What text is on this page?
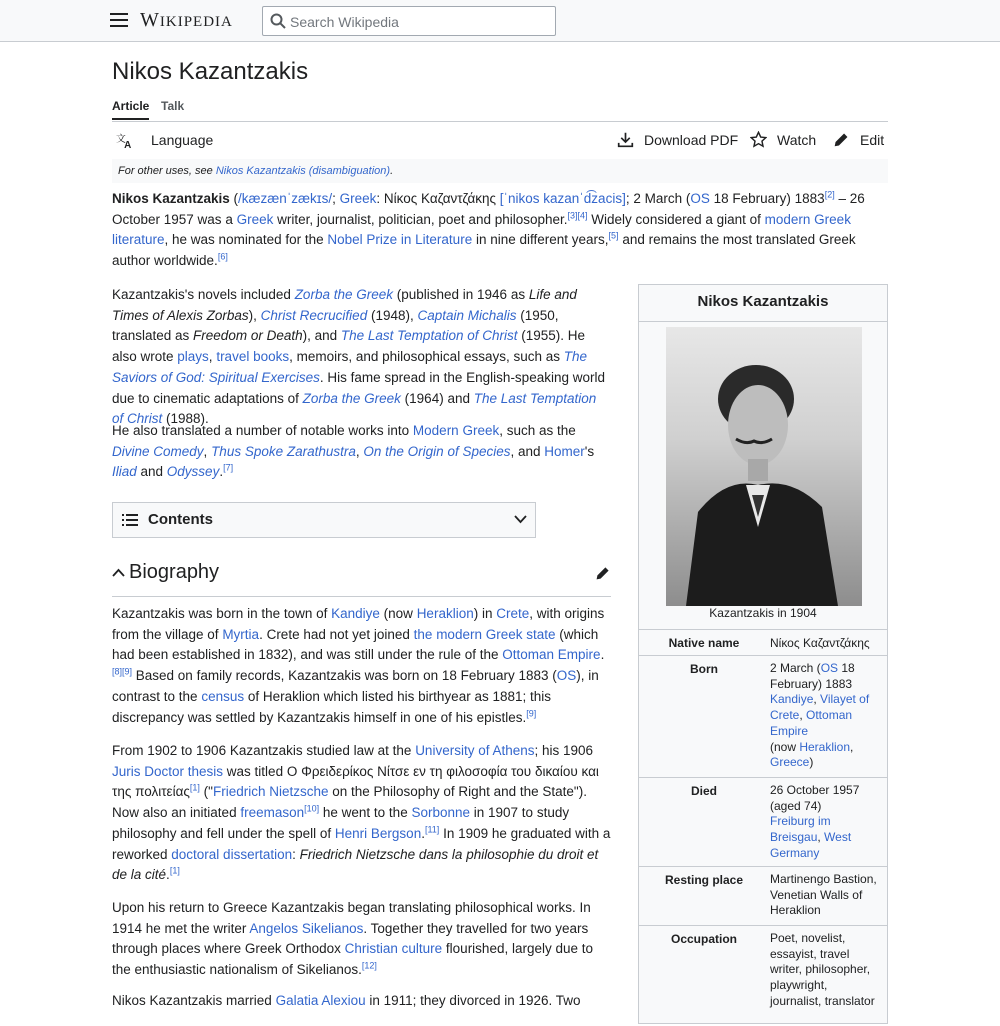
WIKIPEDIA	Search Wikipedia
Nikos Kazantzakis
Article Talk
文
A Language	Download PDF	Watch	Edit
For other uses, see Nikos Kazantzakis (disambiguation).
Nikos Kazantzakis (/kæzænˈzækɪs/; Greek: Νίκος Καζαντζάκης [ˈnikos kazanˈd͡zacis]; 2 March (OS 18 February) 1883[2] – 26 October 1957 was a Greek writer, journalist, politician, poet and philosopher.[3][4] Widely considered a giant of modern Greek literature, he was nominated for the Nobel Prize in Literature in nine different years,[5] and remains the most translated Greek author worldwide.[6]
Kazantzakis's novels included Zorba the Greek (published in 1946 as Life and Times of Alexis Zorbas), Christ Recrucified (1948), Captain Michalis (1950, translated as Freedom or Death), and The Last Temptation of Christ (1955). He also wrote plays, travel books, memoirs, and philosophical essays, such as The Saviors of God: Spiritual Exercises. His fame spread in the English-speaking world due to cinematic adaptations of Zorba the Greek (1964) and The Last Temptation of Christ (1988).
He also translated a number of notable works into Modern Greek, such as the Divine Comedy, Thus Spoke Zarathustra, On the Origin of Species, and Homer's Iliad and Odyssey.[7]
Contents
Biography
Kazantzakis was born in the town of Kandiye (now Heraklion) in Crete, with origins from the village of Myrtia. Crete had not yet joined the modern Greek state (which had been established in 1832), and was still under the rule of the Ottoman Empire.[8][9] Based on family records, Kazantzakis was born on 18 February 1883 (OS), in contrast to the census of Heraklion which listed his birthyear as 1881; this discrepancy was settled by Kazantzakis himself in one of his epistles.[9]
From 1902 to 1906 Kazantzakis studied law at the University of Athens; his 1906 Juris Doctor thesis was titled Ο Φρειδερίκος Νίτσε εν τη φιλοσοφία του δικαίου και της πολιτείας[1] ("Friedrich Nietzsche on the Philosophy of Right and the State"). Now also an initiated freemason[10] he went to the Sorbonne in 1907 to study philosophy and fell under the spell of Henri Bergson.[11] In 1909 he graduated with a reworked doctoral dissertation: Friedrich Nietzsche dans la philosophie du droit et de la cité.[1]
Upon his return to Greece Kazantzakis began translating philosophical works. In 1914 he met the writer Angelos Sikelianos. Together they travelled for two years through places where Greek Orthodox Christian culture flourished, largely due to the enthusiastic nationalism of Sikelianos.[12]
Nikos Kazantzakis married Galatia Alexiou in 1911; they divorced in 1926. Two
Nikos Kazantzakis
Kazantzakis in 1904
Native name	Νίκος Καζαντζάκης
Born	2 March (OS 18 February) 1883
Kandiye, Vilayet of Crete, Ottoman Empire
(now Heraklion, Greece)
Died	26 October 1957 (aged 74)
Freiburg im Breisgau, West Germany
Resting place	Martinengo Bastion, Venetian Walls of Heraklion
Occupation	Poet, novelist, essayist, travel writer, philosopher, playwright, journalist, translator
